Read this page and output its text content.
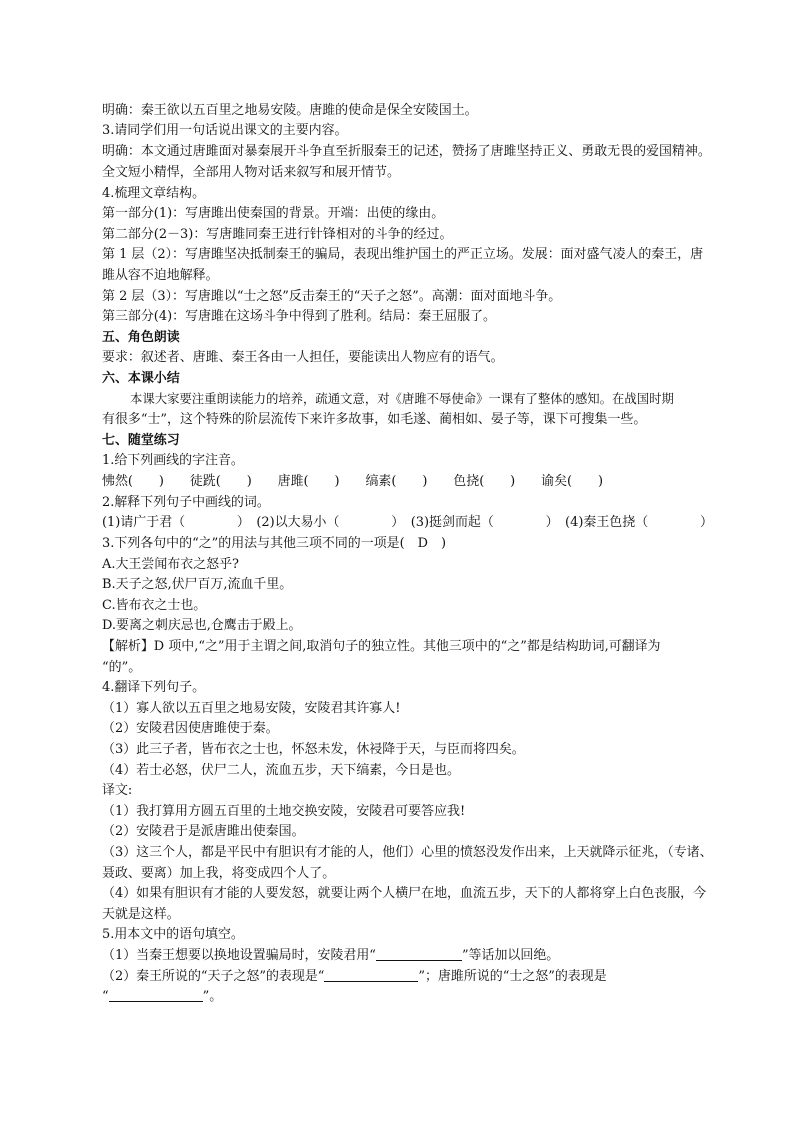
明确：秦王欲以五百里之地易安陵。唐雎的使命是保全安陵国土。
3.请同学们用一句话说出课文的主要内容。
明确：本文通过唐雎面对暴秦展开斗争直至折服秦王的记述，赞扬了唐雎坚持正义、勇敢无畏的爱国精神。
全文短小精悍，全部用人物对话来叙写和展开情节。
4.梳理文章结构。
第一部分(1)：写唐雎出使秦国的背景。开端：出使的缘由。
第二部分(2－3)：写唐雎同秦王进行针锋相对的斗争的经过。
第 1 层（2）：写唐雎坚决抵制秦王的骗局，表现出维护国土的严正立场。发展：面对盛气凌人的秦王，唐
雎从容不迫地解释。
第 2 层（3）：写唐雎以“士之怒”反击秦王的“天子之怒”。高潮：面对面地斗争。
第三部分(4)：写唐雎在这场斗争中得到了胜利。结局：秦王屈服了。
五、角色朗读
要求：叙述者、唐雎、秦王各由一人担任，要能读出人物应有的语气。
六、本课小结
本课大家要注重朗读能力的培养，疏通文意，对《唐雎不辱使命》一课有了整体的感知。在战国时期
有很多“士”，这个特殊的阶层流传下来许多故事，如毛遂、蔺相如、晏子等，课下可搜集一些。
七、随堂练习
1.给下列画线的字注音。
怫然(　　)　　徒跣(　　)　　唐雎(　　)　　缟素(　　)　　色挠(　　)　　谕矣(　　)
2.解释下列句子中画线的词。
(1)请广于君（　　　　）　(2)以大易小（　　　　）　(3)挺剑而起（　　　　）　(4)秦王色挠（　　　　）
3.下列各句中的“之”的用法与其他三项不同的一项是(　D　)
A.大王尝闻布衣之怒乎?
B.天子之怒,伏尸百万,流血千里。
C.皆布衣之士也。
D.要离之刺庆忌也,仓鹰击于殿上。
【解析】D 项中,“之”用于主谓之间,取消句子的独立性。其他三项中的“之”都是结构助词,可翻译为
“的”。
4.翻译下列句子。
（1）寡人欲以五百里之地易安陵，安陵君其许寡人!
（2）安陵君因使唐雎使于秦。
（3）此三子者，皆布衣之士也，怀怒未发，休祲降于天，与臣而将四矣。
（4）若士必怒，伏尸二人，流血五步，天下缟素，今日是也。
译文:
（1）我打算用方圆五百里的土地交换安陵，安陵君可要答应我!
（2）安陵君于是派唐雎出使秦国。
（3）这三个人，都是平民中有胆识有才能的人，他们）心里的愤怒没发作出来，上天就降示征兆，（专诸、
聂政、要离）加上我，将变成四个人了。
（4）如果有胆识有才能的人要发怒，就要让两个人横尸在地，血流五步，天下的人都将穿上白色丧服，今
天就是这样。
5.用本文中的语句填空。
（1）当秦王想要以换地设置骗局时，安陵君用“	”等话加以回绝。
（2）秦王所说的“天子之怒”的表现是“	”；唐雎所说的“士之怒”的表现是
“	”。
